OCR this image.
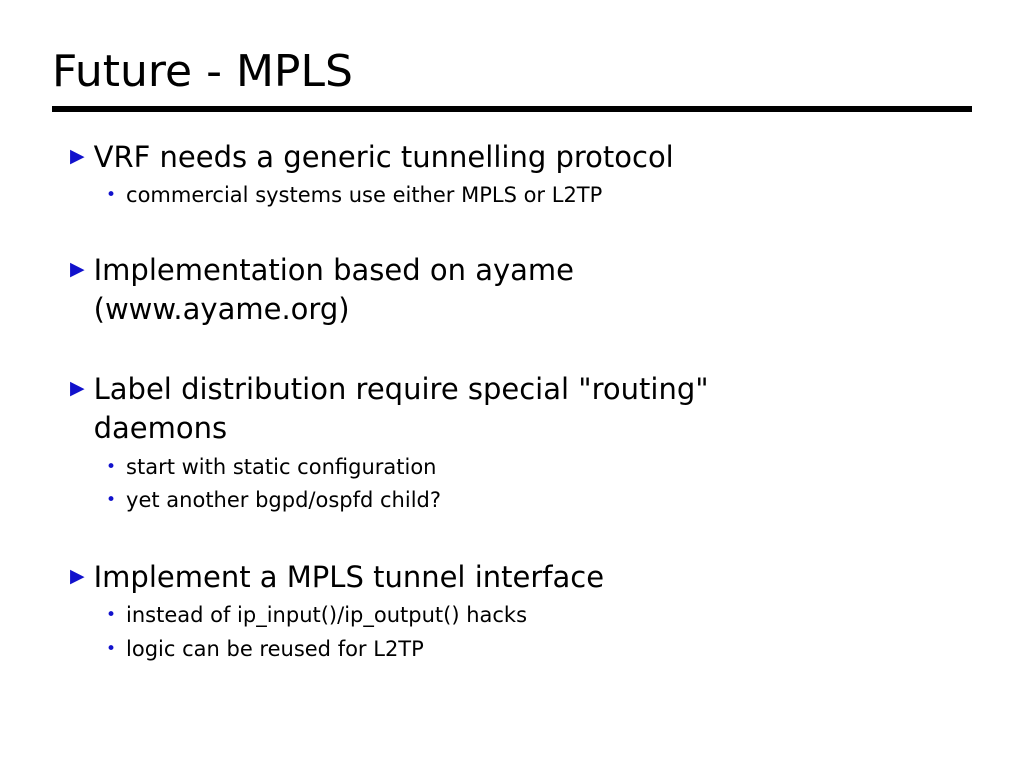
Future - MPLS
▶ VRF needs a generic tunnelling protocol
• commercial systems use either MPLS or L2TP
▶ Implementation based on ayame (www.ayame.org)
▶ Label distribution require special "routing" daemons
• start with static configuration
• yet another bgpd/ospfd child?
▶ Implement a MPLS tunnel interface
• instead of ip_input()/ip_output() hacks
• logic can be reused for L2TP
